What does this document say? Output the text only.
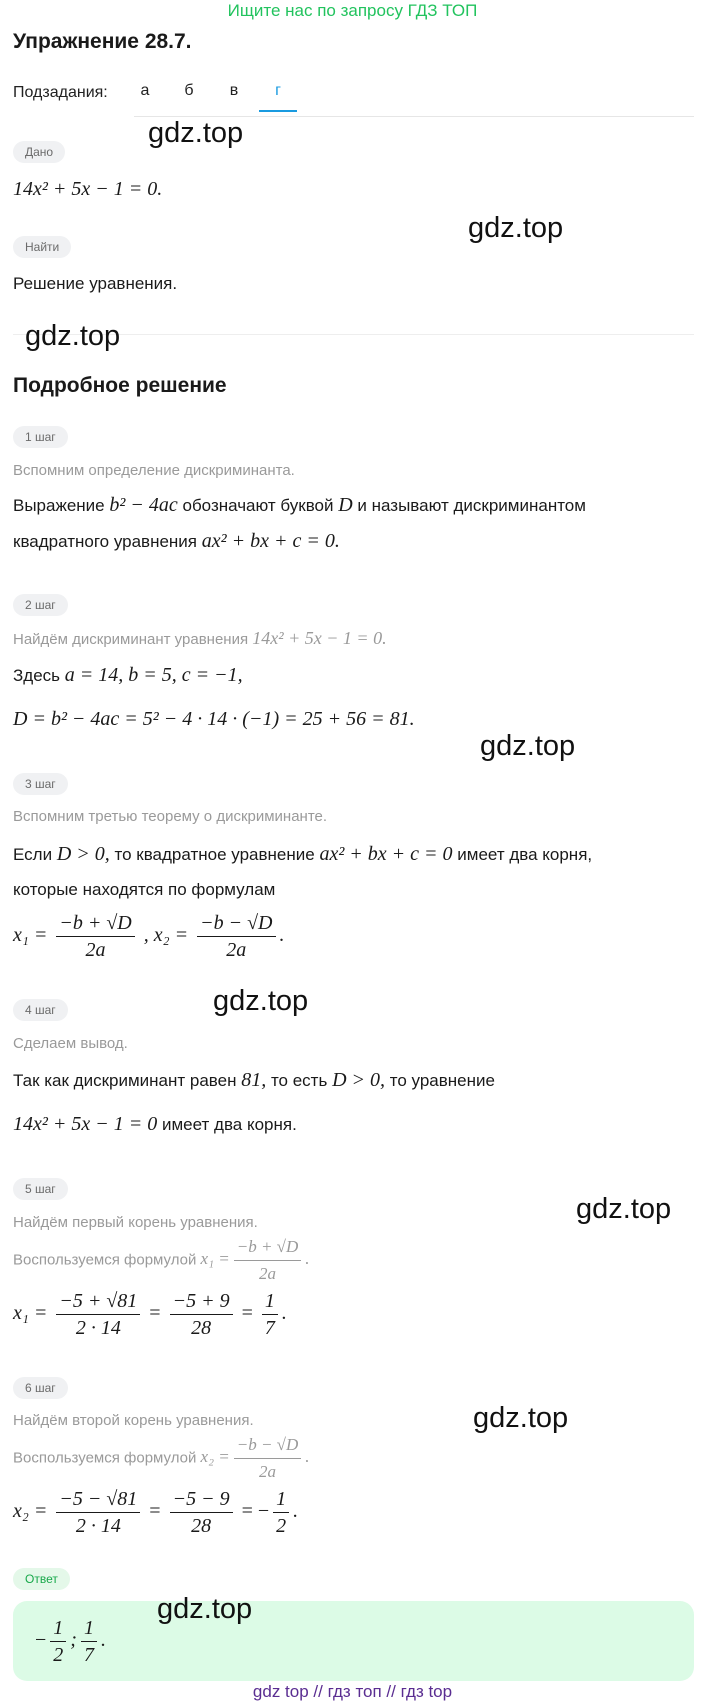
Ищите нас по запросу ГДЗ ТОП
Упражнение 28.7.
Подзадания:	а	б	в	г
Дано
14x² + 5x − 1 = 0.
Найти
Решение уравнения.
Подробное решение
1 шаг
Вспомним определение дискриминанта.
Выражение b² − 4ac обозначают буквой D и называют дискриминантом
квадратного уравнения ax² + bx + c = 0.
2 шаг
Найдём дискриминант уравнения 14x² + 5x − 1 = 0.
Здесь a = 14, b = 5, c = −1,
D = b² − 4ac = 5² − 4 · 14 · (−1) = 25 + 56 = 81.
3 шаг
Вспомним третью теорему о дискриминанте.
Если D > 0, то квадратное уравнение ax² + bx + c = 0 имеет два корня,
которые находятся по формулам
$x_1 = \frac{-b + √D}{2a}$ , $x_2 = \frac{-b - √D}{2a}$ .
4 шаг
Сделаем вывод.
Так как дискриминант равен 81, то есть D > 0, то уравнение
14x² + 5x − 1 = 0 имеет два корня.
5 шаг
Найдём первый корень уравнения.
Воспользуемся формулой $x_1 = \frac{-b + √D}{2a}$ .
$x_1 = \frac{-5 + √81}{2 \cdot 14} = \frac{-5 + 9}{28} = \frac{1}{7}$ .
6 шаг
Найдём второй корень уравнения.
Воспользуемся формулой $x_2 = \frac{-b - √D}{2a}$ .
$x_2 = \frac{-5 - √81}{2 \cdot 14} = \frac{-5 - 9}{28}$ = − $\frac{1}{2}$ .
Ответ
− $\frac{1}{2}$ ; $\frac{1}{7}$ .
gdz.top
gdz.top
gdz.top
gdz.top
gdz.top
gdz.top
gdz.top
gdz.top
gdz top // гдз топ // гдз top
